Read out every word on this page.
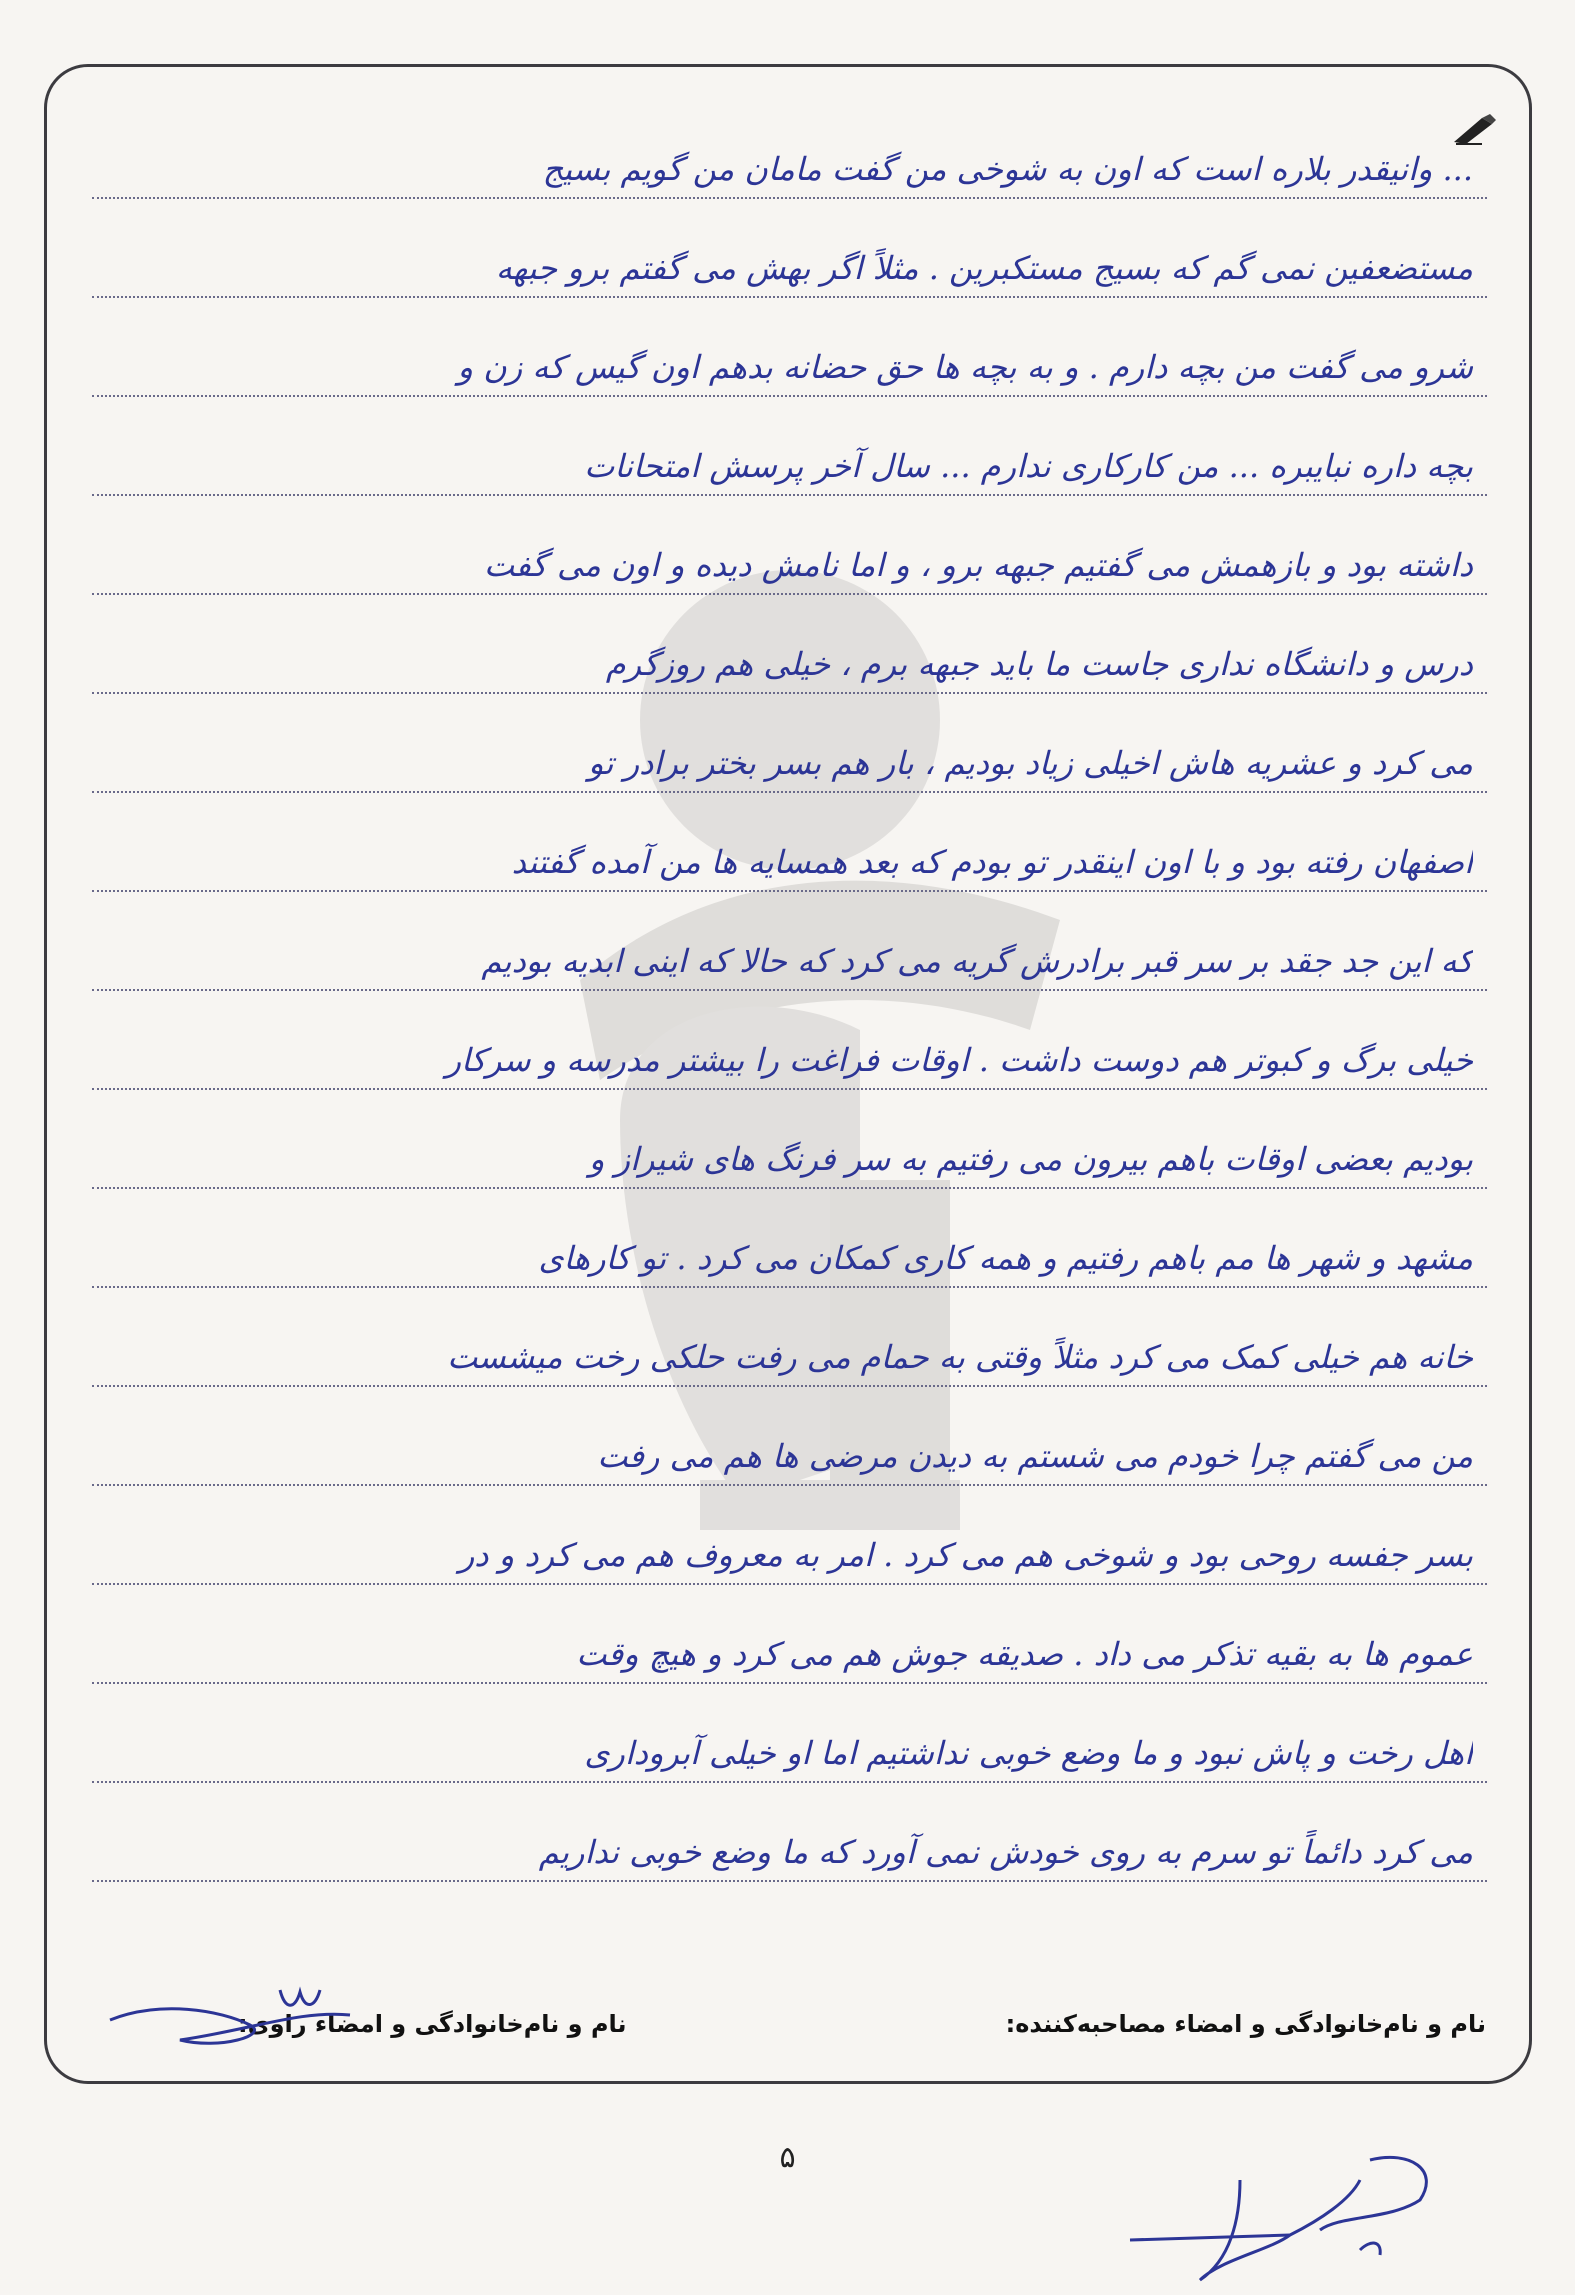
... وانیقدر بلاره است که اون به شوخی من گفت مامان من گویم بسیج
مستضعفین نمی گم که بسیج مستکبرین . مثلاً اگر بهش می گفتم برو جبهه
شرو می گفت من بچه دارم . و به بچه ها حق حضانه بدهم اون گیس که زن و
بچه داره نبایبره ... من کارکاری ندارم ... سال آخر پرسش امتحانات
داشته بود و بازهمش می گفتیم جبهه برو ، و اما نامش دیده و اون می گفت
درس و دانشگاه نداری جاست ما باید جبهه برم ، خیلی هم روزگرم
می کرد و عشریه هاش اخیلی زیاد بودیم ، بار هم بسر بختر برادر تو
اصفهان رفته بود و با اون اینقدر تو بودم که بعد همسایه ها من آمده گفتند
که این جد جقد بر سر قبر برادرش گریه می کرد که حالا که اینی ابدیه بودیم
خیلی برگ و کبوتر هم دوست داشت . اوقات فراغت را بیشتر مدرسه و سرکار
بودیم بعضی اوقات باهم بیرون می رفتیم به سر فرنگ های شیراز و
مشهد و شهر ها مم باهم رفتیم و همه کاری کمکان می کرد . تو کارهای
خانه هم خیلی کمک می کرد مثلاً وقتی به حمام می رفت حلکی رخت میشست
من می گفتم چرا خودم می شستم به دیدن مرضی ها هم می رفت
بسر جفسه روحی بود و شوخی هم می کرد . امر به معروف هم می کرد و در
عموم ها به بقیه تذکر می داد . صدیقه جوش هم می کرد و هیچ وقت
اهل رخت و پاش نبود و ما وضع خوبی نداشتیم اما او خیلی آبروداری
می کرد دائماً تو سرم به روی خودش نمی آورد که ما وضع خوبی نداریم
نام و نام‌خانوادگی و امضاء مصاحبه‌کننده:
نام و نام‌خانوادگی و امضاء راوی:
۵
